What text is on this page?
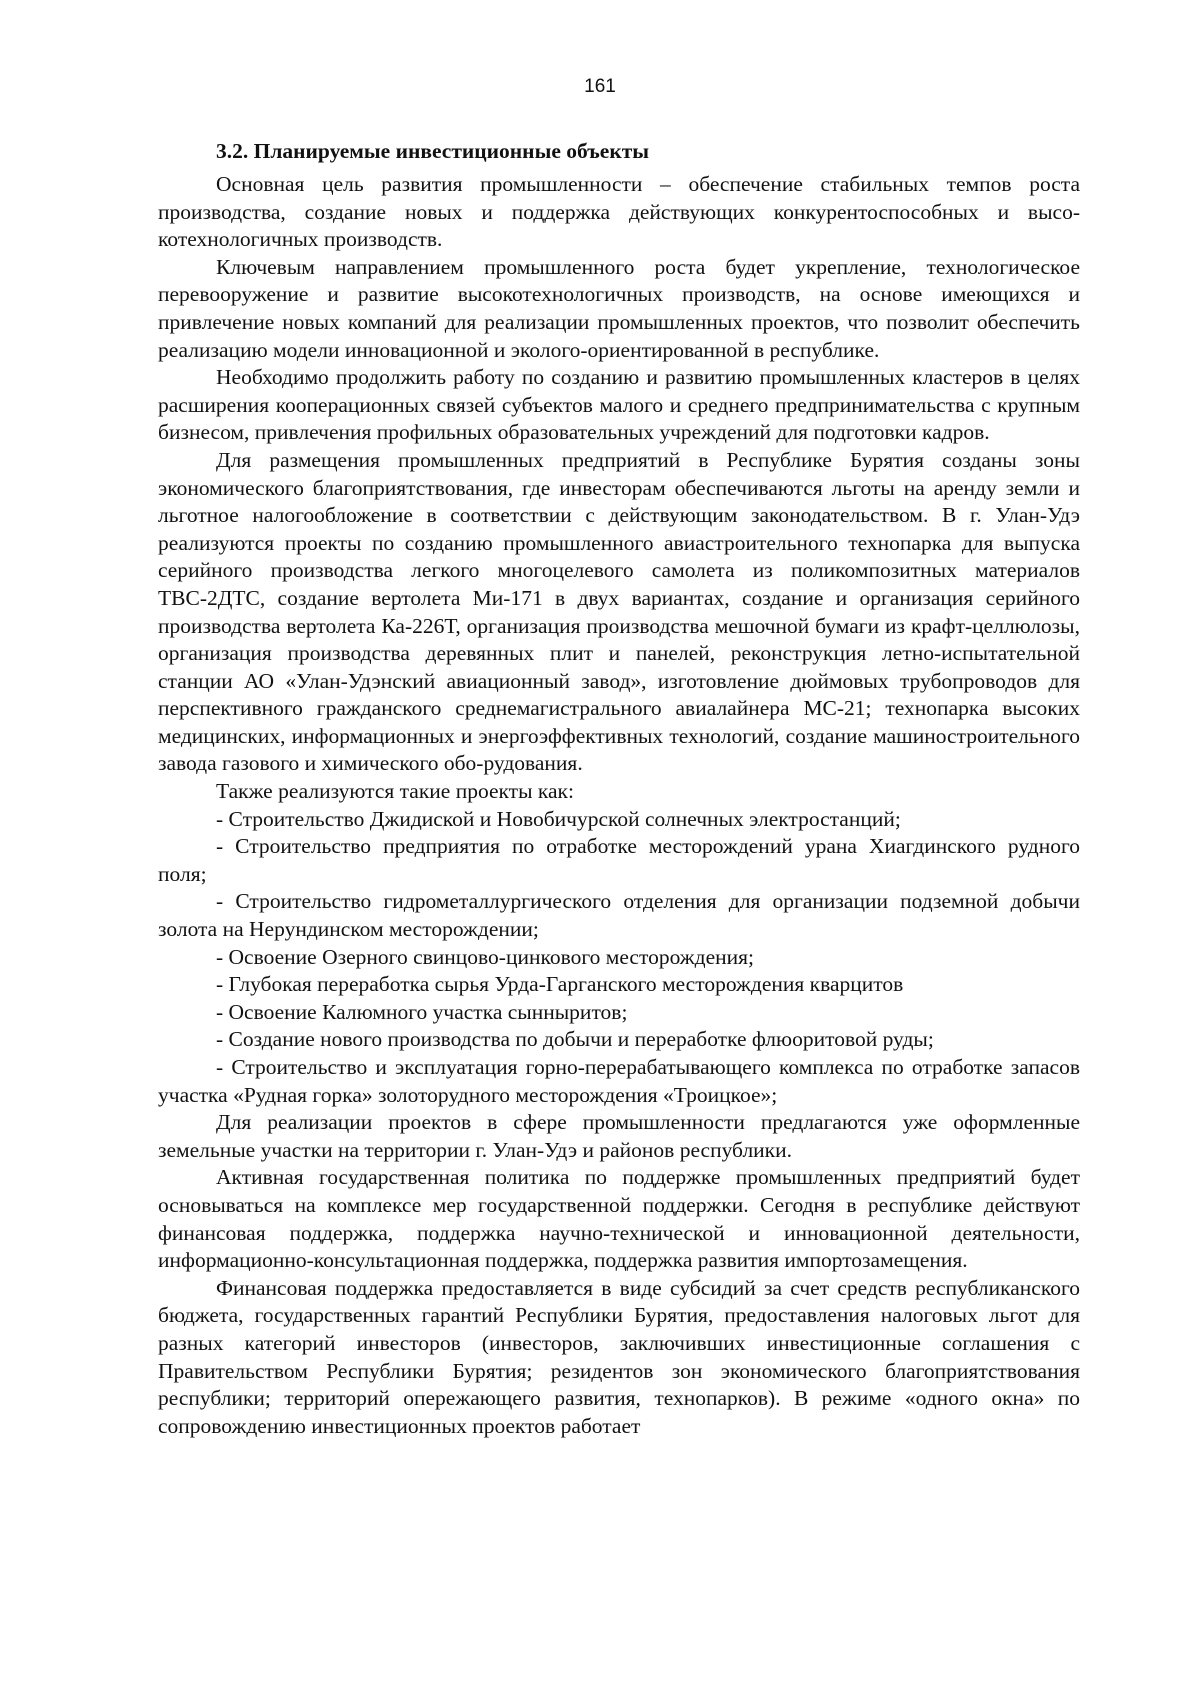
161
3.2. Планируемые инвестиционные объекты

Основная цель развития промышленности – обеспечение стабильных темпов роста производства, создание новых и поддержка действующих конкурентоспособных и высокотехнологичных производств.

Ключевым направлением промышленного роста будет укрепление, технологическое перевооружение и развитие высокотехнологичных производств, на основе имеющихся и привлечение новых компаний для реализации промышленных проектов, что позволит обеспечить реализацию модели инновационной и эколого-ориентированной в республике.

Необходимо продолжить работу по созданию и развитию промышленных кластеров в целях расширения кооперационных связей субъектов малого и среднего предпринимательства с крупным бизнесом, привлечения профильных образовательных учреждений для подготовки кадров.

Для размещения промышленных предприятий в Республике Бурятия созданы зоны экономического благоприятствования, где инвесторам обеспечиваются льготы на аренду земли и льготное налогообложение в соответствии с действующим законодательством. В г. Улан-Удэ реализуются проекты по созданию промышленного авиастроительного технопарка для выпуска серийного производства легкого многоцелевого самолета из поликомпозитных материалов ТВС-2ДТС, создание вертолета Ми-171 в двух вариантах, создание и организация серийного производства вертолета Ка-226Т, организация производства мешочной бумаги из крафт-целлюлозы, организация производства деревянных плит и панелей, реконструкция летно-испытательной станции АО «Улан-Удэнский авиационный завод», изготовление дюймовых трубопроводов для перспективного гражданского среднемагистрального авиалайнера МС-21; технопарка высоких медицинских, информационных и энергоэффективных технологий, создание машиностроительного завода газового и химического обо-рудования.

Также реализуются такие проекты как:

- Строительство Джидиской и Новобичурской солнечных электростанций;

- Строительство предприятия по отработке месторождений урана Хиагдинского рудного поля;

- Строительство гидрометаллургического отделения для организации подземной добычи золота на Нерундинском месторождении;

- Освоение Озерного свинцово-цинкового месторождения;

- Глубокая переработка сырья Урда-Гарганского месторождения кварцитов

- Освоение Калюмного участка сынныритов;

- Создание нового производства по добычи и переработке флюоритовой руды;

- Строительство и эксплуатация горно-перерабатывающего комплекса по отработке запасов участка «Рудная горка» золоторудного месторождения «Троицкое»;

Для реализации проектов в сфере промышленности предлагаются уже оформленные земельные участки на территории г. Улан-Удэ и районов республики.

Активная государственная политика по поддержке промышленных предприятий будет основываться на комплексе мер государственной поддержки. Сегодня в республике действуют финансовая поддержка, поддержка научно-технической и инновационной деятельности, информационно-консультационная поддержка, поддержка развития импортозамещения.

Финансовая поддержка предоставляется в виде субсидий за счет средств республиканского бюджета, государственных гарантий Республики Бурятия, предоставления налоговых льгот для разных категорий инвесторов (инвесторов, заключивших инвестиционные соглашения с Правительством Республики Бурятия; резидентов зон экономического благоприятствования республики; территорий опережающего развития, технопарков). В режиме «одного окна» по сопровождению инвестиционных проектов работает
